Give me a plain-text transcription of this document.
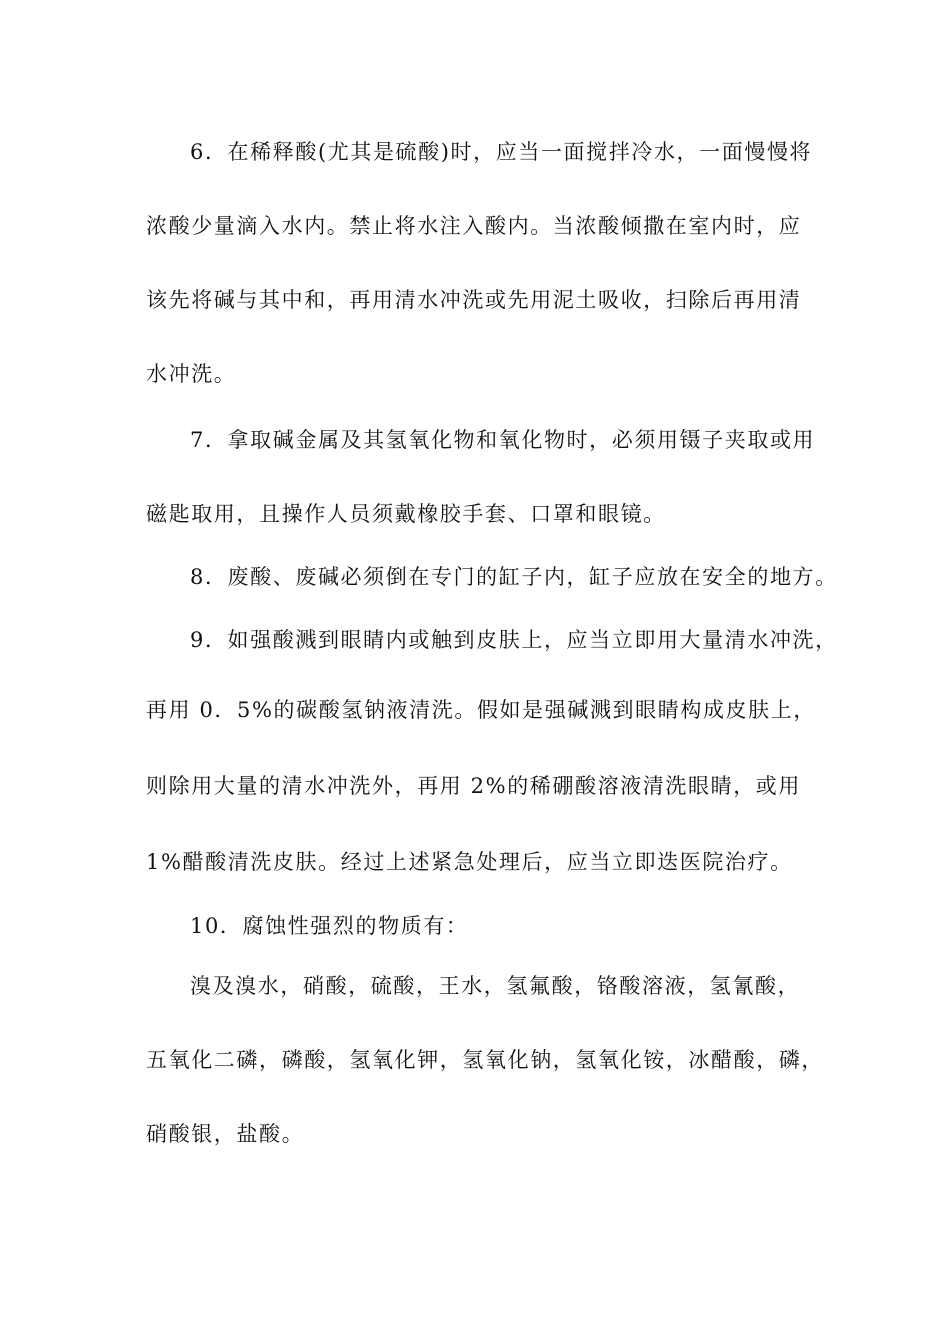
6．在稀释酸(尤其是硫酸)时，应当一面搅拌冷水，一面慢慢将
浓酸少量滴入水内。禁止将水注入酸内。当浓酸倾撒在室内时，应
该先将碱与其中和，再用清水冲洗或先用泥土吸收，扫除后再用清
水冲洗。
7．拿取碱金属及其氢氧化物和氧化物时，必须用镊子夹取或用
磁匙取用，且操作人员须戴橡胶手套、口罩和眼镜。
8．废酸、废碱必须倒在专门的缸子内，缸子应放在安全的地方。
9．如强酸溅到眼睛内或触到皮肤上，应当立即用大量清水冲洗，
再用 0．5%的碳酸氢钠液清洗。假如是强碱溅到眼睛构成皮肤上，
则除用大量的清水冲洗外，再用 2%的稀硼酸溶液清洗眼睛，或用
1%醋酸清洗皮肤。经过上述紧急处理后，应当立即迭医院治疗。
10．腐蚀性强烈的物质有：
溴及溴水，硝酸，硫酸，王水，氢氟酸，铬酸溶液，氢氰酸，
五氧化二磷，磷酸，氢氧化钾，氢氧化钠，氢氧化铵，冰醋酸，磷，
硝酸银，盐酸。
